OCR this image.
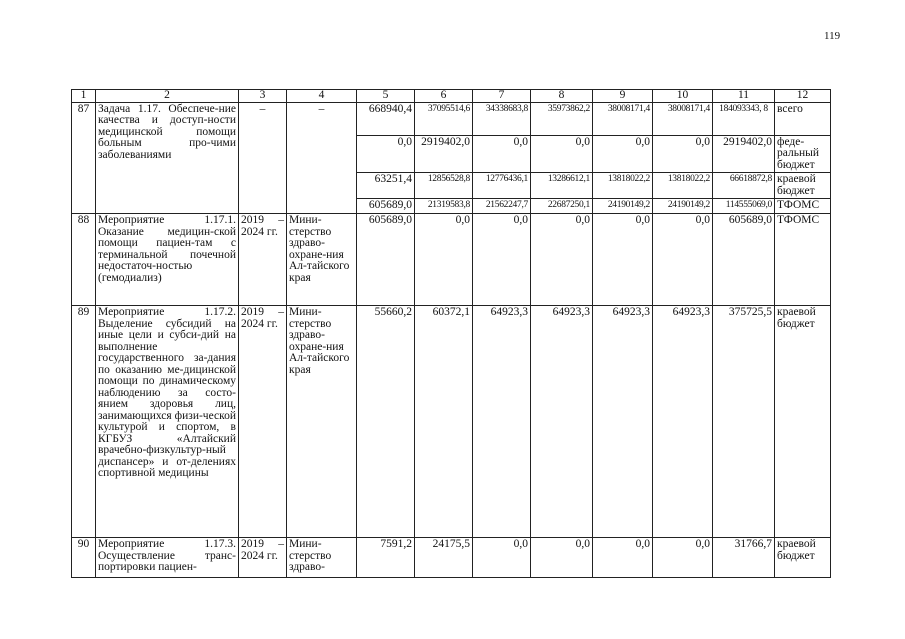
119
1	2	3	4	5	6	7	8	9	10	11	12
87	Задача 1.17. Обеспече-ние качества и доступ-ности медицинской помощи больным про-чими заболеваниями	–	–	668940,4	37095514,6	34338683,8	35973862,2	38008171,4	38008171,4	184093343, 8	всего
				0,0	2919402,0	0,0	0,0	0,0	0,0	2919402,0	феде-ральный бюджет
				63251,4	12856528,8	12776436,1	13286612,1	13818022,2	13818022,2	66618872,8	краевой бюджет
				605689,0	21319583,8	21562247,7	22687250,1	24190149,2	24190149,2	114555069,0	ТФОМС
88	Мероприятие 1.17.1. Оказание медицин-ской помощи пациен-там с терминальной почечной недостаточ-ностью (гемодиализ)	2019 – 2024 гг.	Мини-стерство здраво-охране-ния Ал-тайского края	605689,0	0,0	0,0	0,0	0,0	0,0	605689,0	ТФОМС
89	Мероприятие 1.17.2. Выделение субсидий на иные цели и субси-дий на выполнение государственного за-дания по оказанию ме-дицинской помощи по динамическому наблюдению за состо-янием здоровья лиц, занимающихся физи-ческой культурой и спортом, в КГБУЗ «Алтайский врачебно-физкультур-ный диспансер» и от-делениях спортивной медицины	2019 – 2024 гг.	Мини-стерство здраво-охране-ния Ал-тайского края	55660,2	60372,1	64923,3	64923,3	64923,3	64923,3	375725,5	краевой бюджет
90	Мероприятие 1.17.3. Осуществление транс-портировки пациен-	2019 – 2024 гг.	Мини-стерство здраво-	7591,2	24175,5	0,0	0,0	0,0	0,0	31766,7	краевой бюджет
